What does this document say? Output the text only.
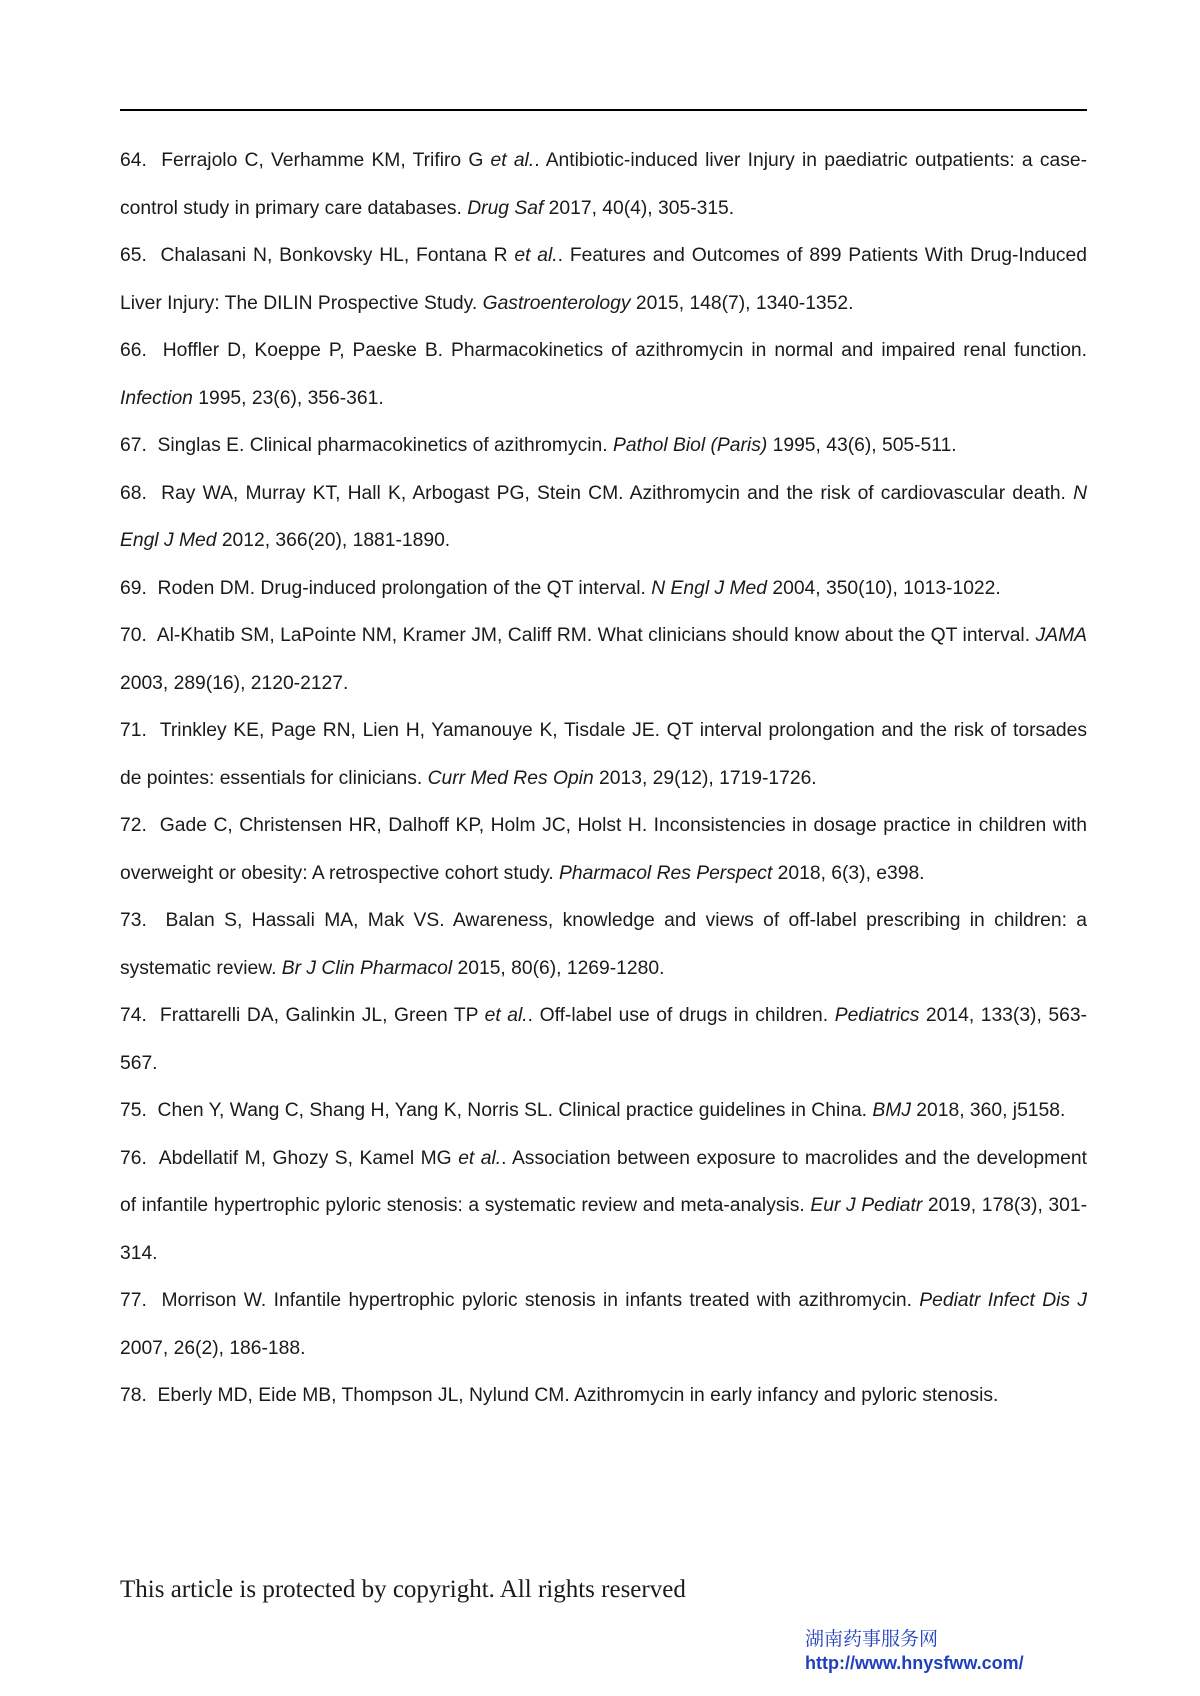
64. Ferrajolo C, Verhamme KM, Trifiro G et al.. Antibiotic-induced liver Injury in paediatric outpatients: a case-control study in primary care databases. Drug Saf 2017, 40(4), 305-315.
65. Chalasani N, Bonkovsky HL, Fontana R et al.. Features and Outcomes of 899 Patients With Drug-Induced Liver Injury: The DILIN Prospective Study. Gastroenterology 2015, 148(7), 1340-1352.
66. Hoffler D, Koeppe P, Paeske B. Pharmacokinetics of azithromycin in normal and impaired renal function. Infection 1995, 23(6), 356-361.
67. Singlas E. Clinical pharmacokinetics of azithromycin. Pathol Biol (Paris) 1995, 43(6), 505-511.
68. Ray WA, Murray KT, Hall K, Arbogast PG, Stein CM. Azithromycin and the risk of cardiovascular death. N Engl J Med 2012, 366(20), 1881-1890.
69. Roden DM. Drug-induced prolongation of the QT interval. N Engl J Med 2004, 350(10), 1013-1022.
70. Al-Khatib SM, LaPointe NM, Kramer JM, Califf RM. What clinicians should know about the QT interval. JAMA 2003, 289(16), 2120-2127.
71. Trinkley KE, Page RN, Lien H, Yamanouye K, Tisdale JE. QT interval prolongation and the risk of torsades de pointes: essentials for clinicians. Curr Med Res Opin 2013, 29(12), 1719-1726.
72. Gade C, Christensen HR, Dalhoff KP, Holm JC, Holst H. Inconsistencies in dosage practice in children with overweight or obesity: A retrospective cohort study. Pharmacol Res Perspect 2018, 6(3), e398.
73. Balan S, Hassali MA, Mak VS. Awareness, knowledge and views of off-label prescribing in children: a systematic review. Br J Clin Pharmacol 2015, 80(6), 1269-1280.
74. Frattarelli DA, Galinkin JL, Green TP et al.. Off-label use of drugs in children. Pediatrics 2014, 133(3), 563-567.
75. Chen Y, Wang C, Shang H, Yang K, Norris SL. Clinical practice guidelines in China. BMJ 2018, 360, j5158.
76. Abdellatif M, Ghozy S, Kamel MG et al.. Association between exposure to macrolides and the development of infantile hypertrophic pyloric stenosis: a systematic review and meta-analysis. Eur J Pediatr 2019, 178(3), 301-314.
77. Morrison W. Infantile hypertrophic pyloric stenosis in infants treated with azithromycin. Pediatr Infect Dis J 2007, 26(2), 186-188.
78. Eberly MD, Eide MB, Thompson JL, Nylund CM. Azithromycin in early infancy and pyloric stenosis.
This article is protected by copyright. All rights reserved
湖南药事服务网
http://www.hnysfww.com/
